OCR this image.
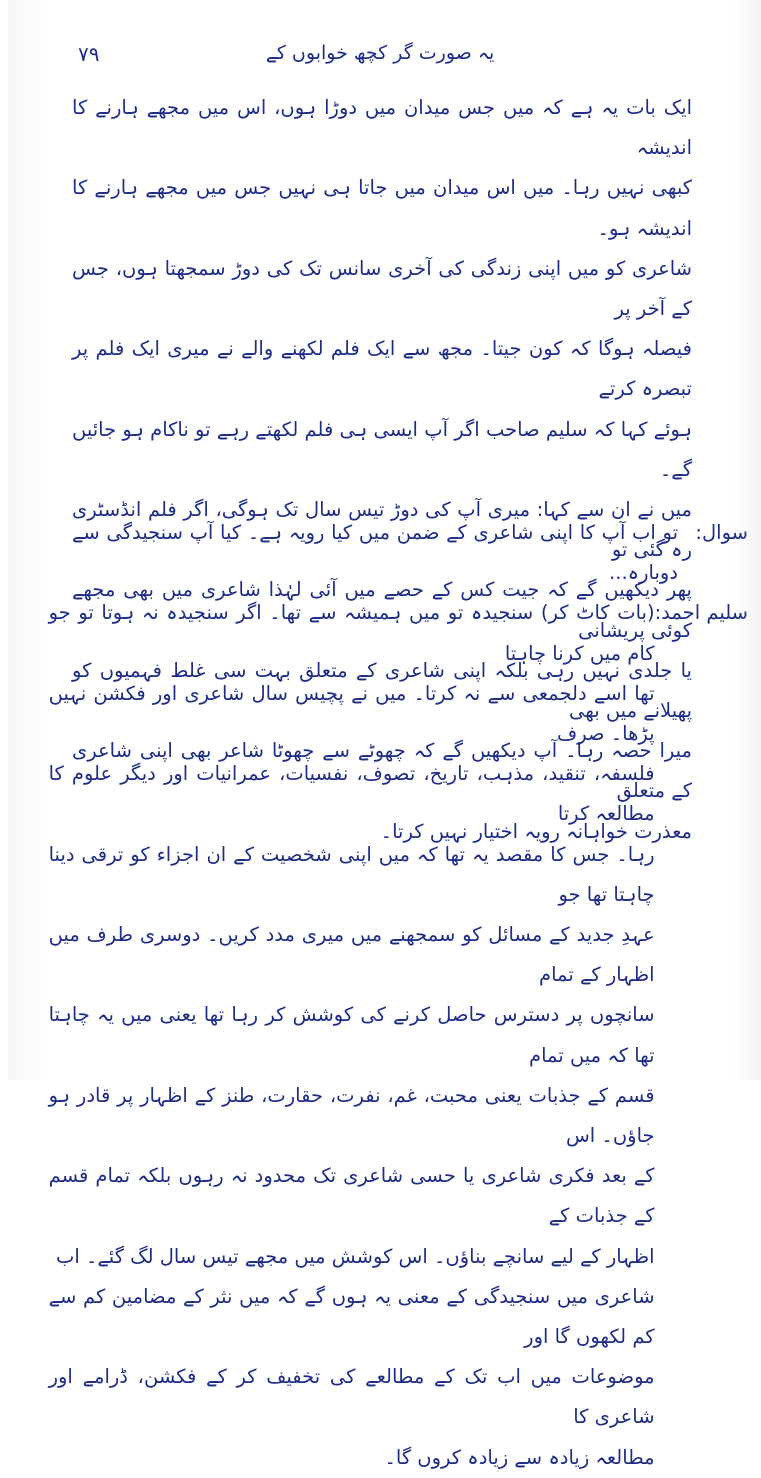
۷۹	یہ صورت گر کچھ خوابوں کے

ایک بات یہ ہے کہ میں جس میدان میں دوڑا ہوں، اس میں مجھے ہارنے کا اندیشہ
کبھی نہیں رہا۔ میں اس میدان میں جاتا ہی نہیں جس میں مجھے ہارنے کا اندیشہ ہو۔
شاعری کو میں اپنی زندگی کی آخری سانس تک کی دوڑ سمجھتا ہوں، جس کے آخر پر
فیصلہ ہوگا کہ کون جیتا۔ مجھ سے ایک فلم لکھنے والے نے میری ایک فلم پر تبصرہ کرتے
ہوئے کہا کہ سلیم صاحب اگر آپ ایسی ہی فلم لکھتے رہے تو ناکام ہو جائیں گے۔
میں نے ان سے کہا: میری آپ کی دوڑ تیس سال تک ہوگی، اگر فلم انڈسٹری رہ گئی تو
پھر دیکھیں گے کہ جیت کس کے حصے میں آئی لہٰذا شاعری میں بھی مجھے کوئی پریشانی
یا جلدی نہیں رہی بلکہ اپنی شاعری کے متعلق بہت سی غلط فہمیوں کو پھیلانے میں بھی
میرا حصہ رہا۔ آپ دیکھیں گے کہ چھوٹے سے چھوٹا شاعر بھی اپنی شاعری کے متعلق
معذرت خواہانہ رویہ اختیار نہیں کرتا۔

سوال:

تو اب آپ کا اپنی شاعری کے ضمن میں کیا رویہ ہے۔ کیا آپ سنجیدگی سے دوبارہ...

سلیم احمد:

(بات کاٹ کر) سنجیدہ تو میں ہمیشہ سے تھا۔ اگر سنجیدہ نہ ہوتا تو جو کام میں کرنا چاہتا
تھا اسے دلجمعی سے نہ کرتا۔ میں نے پچیس سال شاعری اور فکشن نہیں پڑھا۔ صرف
فلسفہ، تنقید، مذہب، تاریخ، تصوف، نفسیات، عمرانیات اور دیگر علوم کا مطالعہ کرتا
رہا۔ جس کا مقصد یہ تھا کہ میں اپنی شخصیت کے ان اجزاء کو ترقی دینا چاہتا تھا جو
عہدِ جدید کے مسائل کو سمجھنے میں میری مدد کریں۔ دوسری طرف میں اظہار کے تمام
سانچوں پر دسترس حاصل کرنے کی کوشش کر رہا تھا یعنی میں یہ چاہتا تھا کہ میں تمام
قسم کے جذبات یعنی محبت، غم، نفرت، حقارت، طنز کے اظہار پر قادر ہو جاؤں۔ اس
کے بعد فکری شاعری یا حسی شاعری تک محدود نہ رہوں بلکہ تمام قسم کے جذبات کے
اظہار کے لیے سانچے بناؤں۔ اس کوشش میں مجھے تیس سال لگ گئے۔ اب
شاعری میں سنجیدگی کے معنی یہ ہوں گے کہ میں نثر کے مضامین کم سے کم لکھوں گا اور
موضوعات میں اب تک کے مطالعے کی تخفیف کر کے فکشن، ڈرامے اور شاعری کا
مطالعہ زیادہ سے زیادہ کروں گا۔
